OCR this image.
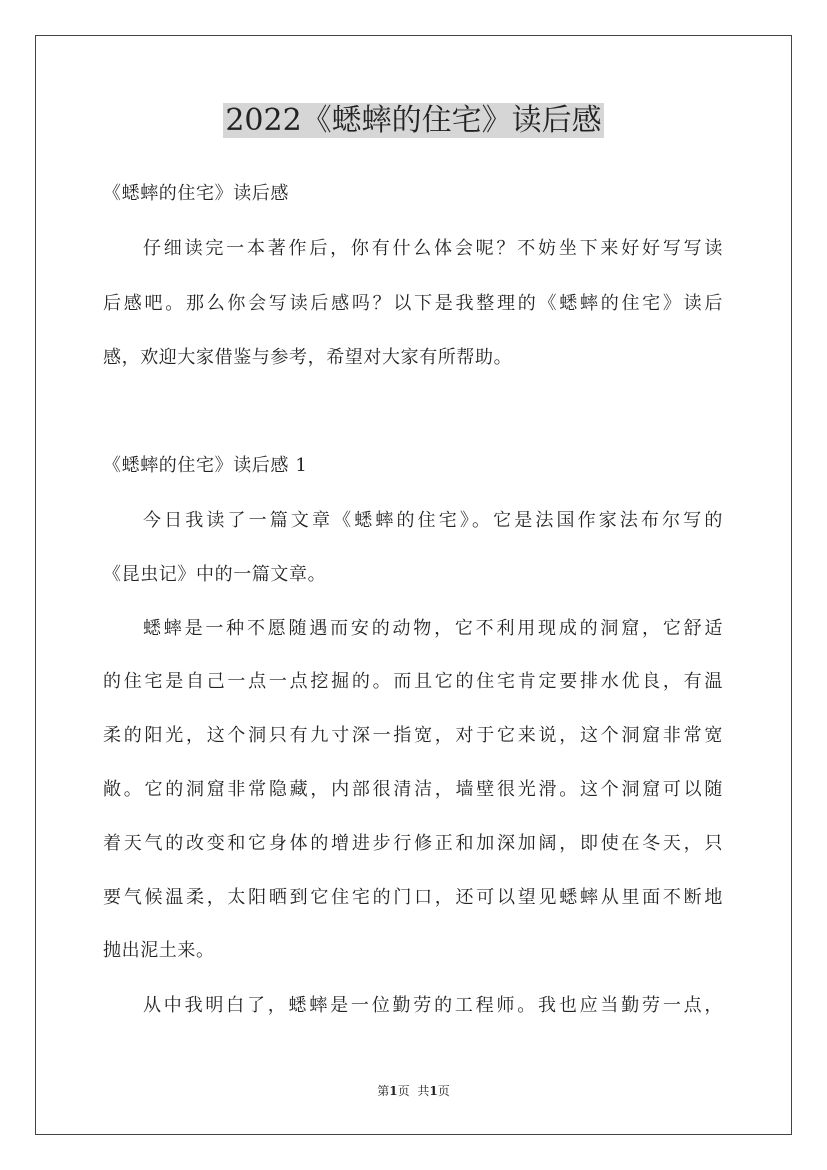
2022《蟋蟀的住宅》读后感
《蟋蟀的住宅》读后感
仔细读完一本著作后，你有什么体会呢？不妨坐下来好好写写读
后感吧。那么你会写读后感吗？以下是我整理的《蟋蟀的住宅》读后
感，欢迎大家借鉴与参考，希望对大家有所帮助。
《蟋蟀的住宅》读后感 1
今日我读了一篇文章《蟋蟀的住宅》。它是法国作家法布尔写的
《昆虫记》中的一篇文章。
蟋蟀是一种不愿随遇而安的动物，它不利用现成的洞窟，它舒适
的住宅是自己一点一点挖掘的。而且它的住宅肯定要排水优良，有温
柔的阳光，这个洞只有九寸深一指宽，对于它来说，这个洞窟非常宽
敞。它的洞窟非常隐藏，内部很清洁，墙壁很光滑。这个洞窟可以随
着天气的改变和它身体的增进步行修正和加深加阔，即使在冬天，只
要气候温柔，太阳晒到它住宅的门口，还可以望见蟋蟀从里面不断地
抛出泥土来。
从中我明白了，蟋蟀是一位勤劳的工程师。我也应当勤劳一点，
第1页 共1页
